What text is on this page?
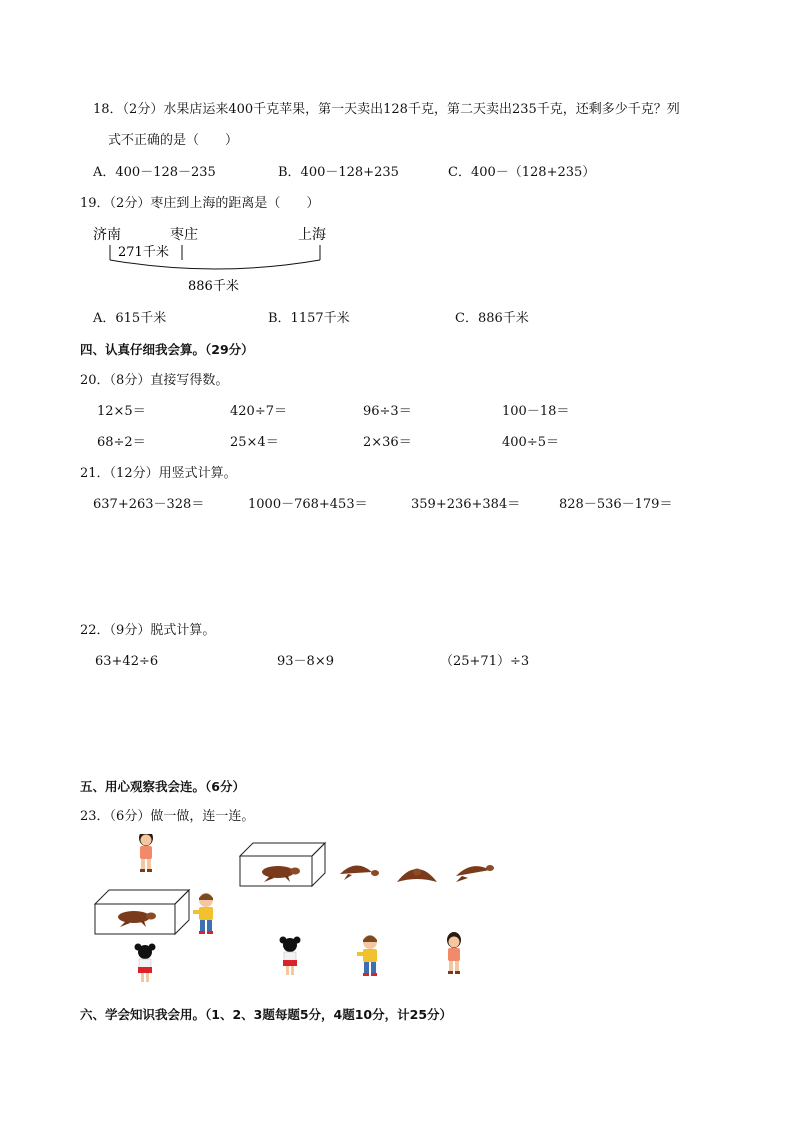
18．（2分）水果店运来400千克苹果，第一天卖出128千克，第二天卖出235千克，还剩多少千克？列
式不正确的是（　　）
A．400－128－235	B．400－128+235	C．400－（128+235）
19．（2分）枣庄到上海的距离是（　　）
济南	枣庄	上海
271千米
886千米
A．615千米	B．1157千米	C．886千米
四、认真仔细我会算。（29分）
20．（8分）直接写得数。
12×5＝	420÷7＝	96÷3＝	100－18＝
68÷2＝	25×4＝	2×36＝	400÷5＝
21．（12分）用竖式计算。
637+263－328＝	1000－768+453＝	359+236+384＝	828－536－179＝
22．（9分）脱式计算。
63+42÷6	93－8×9	（25+71）÷3
五、用心观察我会连。（6分）
23．（6分）做一做，连一连。
六、学会知识我会用。（1、2、3题每题5分，4题10分，计25分）
